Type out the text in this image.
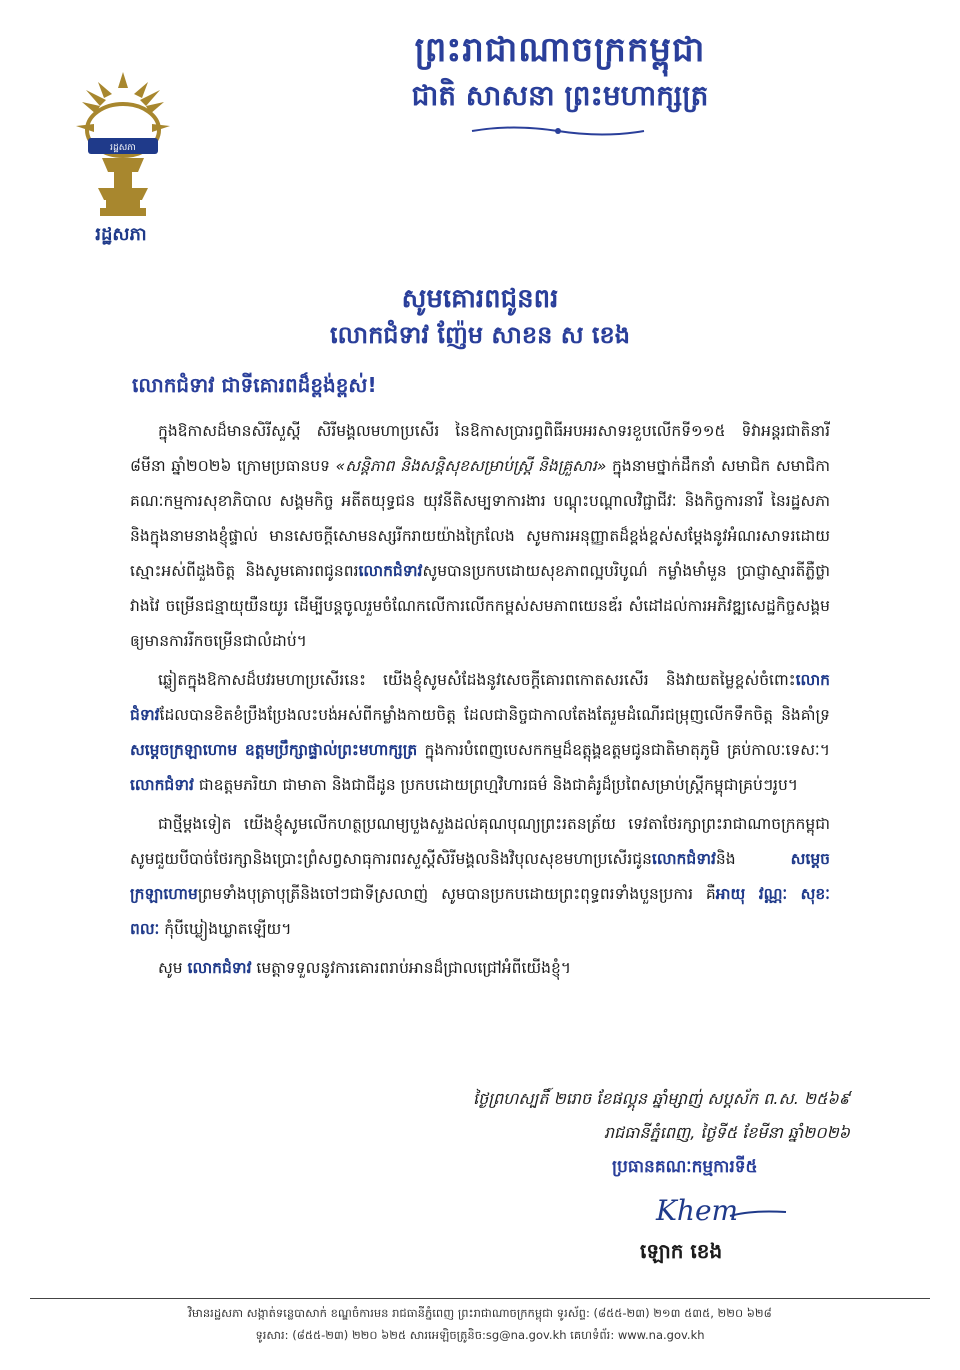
រដ្ឋសភា
រដ្ឋសភា
ព្រះរាជាណាចក្រកម្ពុជា
ជាតិ សាសនា ព្រះមហាក្សត្រ
សូមគោរពជូនពរ
លោកជំទាវ ញ៉ែម សាខន ស ខេង
លោកជំទាវ ជាទីគោរពដ៏ខ្ពង់ខ្ពស់!

ក្នុងឱកាសដ៏មានសិរីសួស្តី សិរីមង្គលមហាប្រសើរ នៃឱកាសប្រារព្ធពិធីអបអរសាទរខួបលើកទី១១៥ ទិវាអន្តរជាតិនារី ៨មីនា ឆ្នាំ២០២៦ ក្រោមប្រធានបទ «សន្តិភាព និងសន្តិសុខសម្រាប់ស្ត្រី និងគ្រួសារ» ក្នុងនាមថ្នាក់ដឹកនាំ សមាជិក សមាជិកា គណៈកម្មការសុខាភិបាល សង្គមកិច្ច អតីតយុទ្ធជន យុវនីតិសម្បទាការងារ បណ្តុះបណ្តាលវិជ្ជាជីវៈ និងកិច្ចការនារី នៃរដ្ឋសភា និងក្នុងនាមនាងខ្ញុំផ្ទាល់ មានសេចក្តីសោមនស្សរីករាយយ៉ាងក្រៃលែង សូមការអនុញ្ញាតដ៏ខ្ពង់ខ្ពស់សម្តែងនូវអំណរសាទរដោយស្មោះអស់ពីដួងចិត្ត និងសូមគោរពជូនពរលោកជំទាវសូមបានប្រកបដោយសុខភាពល្អបរិបូណ៌ កម្លាំងមាំមួន ប្រាជ្ញាស្មារតីភ្លឺថ្លាវាងវៃ ចម្រើនជន្មាយុយឺនយូរ ដើម្បីបន្តចូលរួមចំណែកលើការលើកកម្ពស់សមភាពយេនឌ័រ សំដៅដល់ការអភិវឌ្ឍសេដ្ឋកិច្ចសង្គម ឲ្យមានការរីកចម្រើនជាលំដាប់។

ឆ្លៀតក្នុងឱកាសដ៏បវរមហាប្រសើរនេះ យើងខ្ញុំសូមសំដែងនូវសេចក្តីគោរពកោតសរសើរ និងវាយតម្លៃខ្ពស់ចំពោះលោកជំទាវដែលបានខិតខំប្រឹងប្រែងលះបង់អស់ពីកម្លាំងកាយចិត្ត ដែលជានិច្ចជាកាលតែងតែរួមដំណើរជម្រុញលើកទឹកចិត្ត និងគាំទ្រសម្តេចក្រឡាហោម ឧត្តមប្រឹក្សាផ្ទាល់ព្រះមហាក្សត្រ ក្នុងការបំពេញបេសកកម្មដ៏ឧត្តុង្គឧត្តមជូនជាតិមាតុភូមិ គ្រប់កាលៈទេសៈ។ លោកជំទាវ ជាឧត្តមភរិយា ជាមាតា និងជាជីដូន ប្រកបដោយព្រហ្មវិហារធម៌ និងជាគំរូដ៏ប្រពៃសម្រាប់ស្ត្រីកម្ពុជាគ្រប់ៗរូប។

ជាថ្មីម្តងទៀត យើងខ្ញុំសូមលើកហត្ថប្រណម្យបួងសួងដល់គុណបុណ្យព្រះរតនត្រ័យ ទេវតាថែរក្សាព្រះរាជាណាចក្រកម្ពុជាសូមជួយបីបាច់ថែរក្សានិងប្រោះព្រំសព្វសាធុការពរសួស្តីសិរីមង្គលនិងវិបុលសុខមហាប្រសើរជូនលោកជំទាវនិង សម្តេចក្រឡាហោមព្រមទាំងបុត្រាបុត្រីនិងចៅៗជាទីស្រលាញ់ សូមបានប្រកបដោយព្រះពុទ្ធពរទាំងបួនប្រការ គឺអាយុ វណ្ណៈ សុខៈ ពលៈ កុំបីឃ្លៀងឃ្លាតឡើយ។

សូម លោកជំទាវ មេត្តាទទួលនូវការគោរពរាប់អានដ៏ជ្រាលជ្រៅអំពីយើងខ្ញុំ។

ថ្ងៃព្រហស្បតិ៍ ២រោច ខែផល្គុន ឆ្នាំម្សាញ់ សប្តស័ក ព.ស. ២៥៦៩
រាជធានីភ្នំពេញ, ថ្ងៃទី៥ ខែមីនា ឆ្នាំ២០២៦
ប្រធានគណៈកម្មការទី៥
Khem
ឡោក ខេង
វិមានរដ្ឋសភា សង្កាត់ទន្លេបាសាក់ ខណ្ឌចំការមន រាជធានីភ្នំពេញ ព្រះរាជាណាចក្រកម្ពុជា ទូរស័ព្ទ: (៨៥៥-២៣) ២១៣ ៥៣៥, ២២០ ៦២៨
ទូរសារ: (៨៥៥-២៣) ២២០ ៦២៥ សារអេឡិចត្រូនិច:sg@na.gov.kh គេហទំព័រ: www.na.gov.kh
